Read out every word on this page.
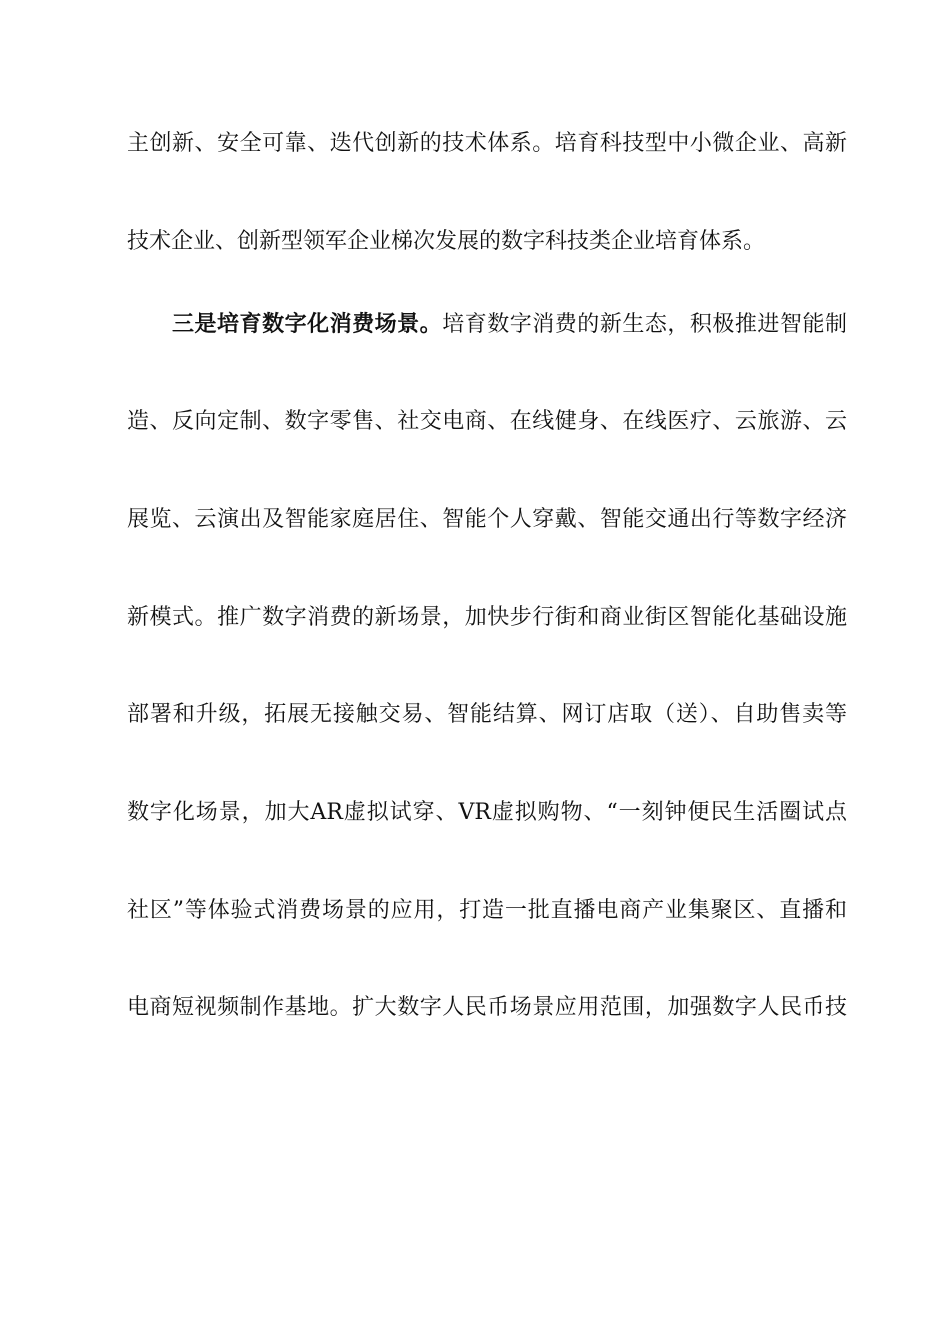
主创新、安全可靠、迭代创新的技术体系。培育科技型中小微企业、高新
技术企业、创新型领军企业梯次发展的数字科技类企业培育体系。
三是培育数字化消费场景。培育数字消费的新生态，积极推进智能制
造、反向定制、数字零售、社交电商、在线健身、在线医疗、云旅游、云
展览、云演出及智能家庭居住、智能个人穿戴、智能交通出行等数字经济
新模式。推广数字消费的新场景，加快步行街和商业街区智能化基础设施
部署和升级，拓展无接触交易、智能结算、网订店取（送）、自助售卖等
数字化场景，加大AR虚拟试穿、VR虚拟购物、“一刻钟便民生活圈试点
社区”等体验式消费场景的应用，打造一批直播电商产业集聚区、直播和
电商短视频制作基地。扩大数字人民币场景应用范围，加强数字人民币技
